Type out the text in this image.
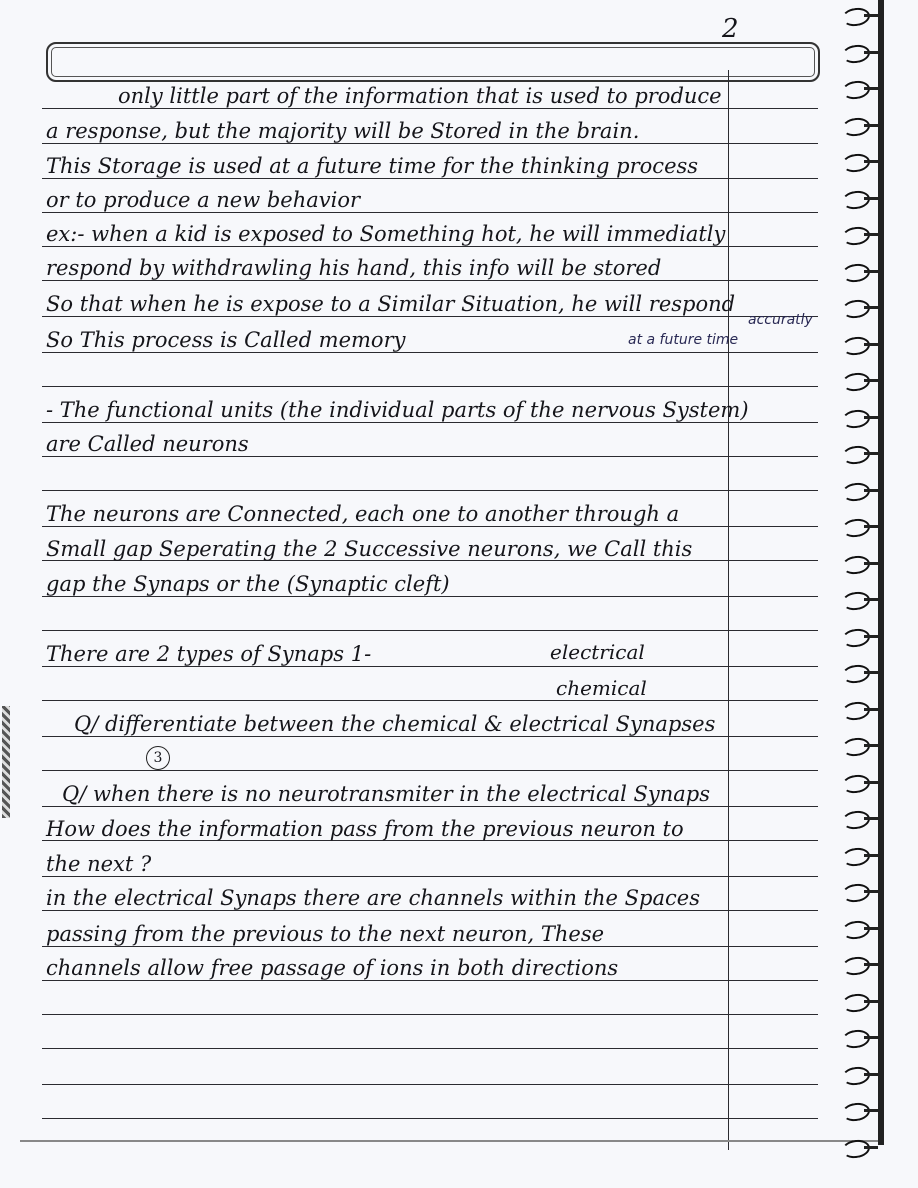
2
only little part of the information that is used to produce
a response, but the majority will be Stored in the brain.
This Storage is used at a future time for the thinking process
or to produce a new behavior
ex:- when a kid is exposed to Something hot, he will immediatly
respond by withdrawling his hand, this info will be stored
So that when he is expose to a Similar Situation, he will respond
So This process is Called memory	at a future time
accuratly
- The functional units (the individual parts of the nervous System)
are Called neurons
The neurons are Connected, each one to another through a
Small gap Seperating the 2 Successive neurons, we Call this
gap the Synaps or the (Synaptic cleft)
There are 2 types of Synaps 1-	electrical
chemical
Q/ differentiate between the chemical & electrical Synapses
3
Q/ when there is no neurotransmiter in the electrical Synaps
How does the information pass from the previous neuron to
the next ?
in the electrical Synaps there are channels within the Spaces
passing from the previous to the next neuron, These
channels allow free passage of ions in both directions
